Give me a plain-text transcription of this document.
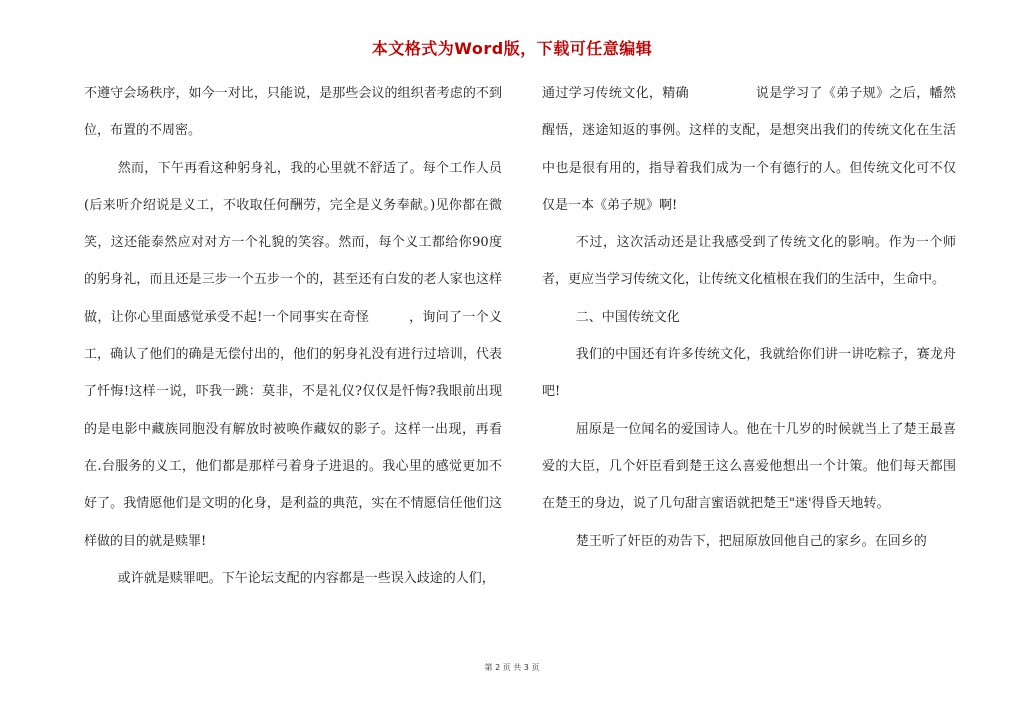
本文格式为Word版，下载可任意编辑

不遵守会场秩序，如今一对比，只能说，是那些会议的组织者考虑的不到位，布置的不周密。

然而，下午再看这种躬身礼，我的心里就不舒适了。每个工作人员(后来听介绍说是义工，不收取任何酬劳，完全是义务奉献。)见你都在微笑，这还能泰然应对对方一个礼貌的笑容。然而，每个义工都给你90度的躬身礼，而且还是三步一个五步一个的，甚至还有白发的老人家也这样做，让你心里面感觉承受不起!一个同事实在奇怪　　　，询问了一个义工，确认了他们的确是无偿付出的，他们的躬身礼没有进行过培训，代表了忏悔!这样一说，吓我一跳：莫非，不是礼仪?仅仅是忏悔?我眼前出现的是电影中藏族同胞没有解放时被唤作藏奴的影子。这样一出现，再看在.台服务的义工，他们都是那样弓着身子进退的。我心里的感觉更加不好了。我情愿他们是文明的化身，是利益的典范，实在不情愿信任他们这样做的目的就是赎罪!

或许就是赎罪吧。下午论坛支配的内容都是一些误入歧途的人们，

通过学习传统文化，精确　　　　　说是学习了《弟子规》之后，幡然醒悟，迷途知返的事例。这样的支配，是想突出我们的传统文化在生活中也是很有用的，指导着我们成为一个有德行的人。但传统文化可不仅仅是一本《弟子规》啊!

不过，这次活动还是让我感受到了传统文化的影响。作为一个师者，更应当学习传统文化，让传统文化植根在我们的生活中，生命中。

二、中国传统文化

我们的中国还有许多传统文化，我就给你们讲一讲吃粽子，赛龙舟吧!

屈原是一位闻名的爱国诗人。他在十几岁的时候就当上了楚王最喜爱的大臣，几个奸臣看到楚王这么喜爱他想出一个计策。他们每天都围在楚王的身边，说了几句甜言蜜语就把楚王"迷'得昏天地转。

楚王听了奸臣的劝告下，把屈原放回他自己的家乡。在回乡的

第 2 页 共 3 页
